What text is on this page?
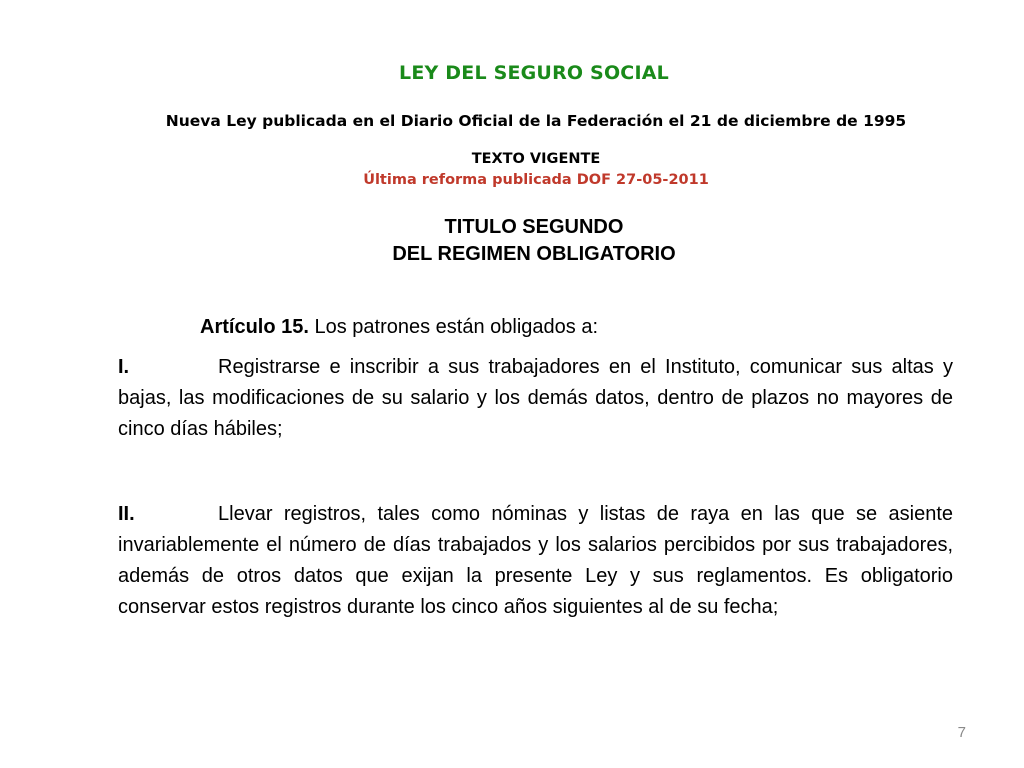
LEY DEL SEGURO SOCIAL
Nueva Ley publicada en el Diario Oficial de la Federación el 21 de diciembre de 1995
TEXTO VIGENTE
Última reforma publicada DOF 27-05-2011
TITULO SEGUNDO
DEL REGIMEN OBLIGATORIO
Artículo 15. Los patrones están obligados a:
I.	Registrarse e inscribir a sus trabajadores en el Instituto, comunicar sus altas y bajas, las modificaciones de su salario y los demás datos, dentro de plazos no mayores de cinco días hábiles;
II.	Llevar registros, tales como nóminas y listas de raya en las que se asiente invariablemente el número de días trabajados y los salarios percibidos por sus trabajadores, además de otros datos que exijan la presente Ley y sus reglamentos. Es obligatorio conservar estos registros durante los cinco años siguientes al de su fecha;
7
